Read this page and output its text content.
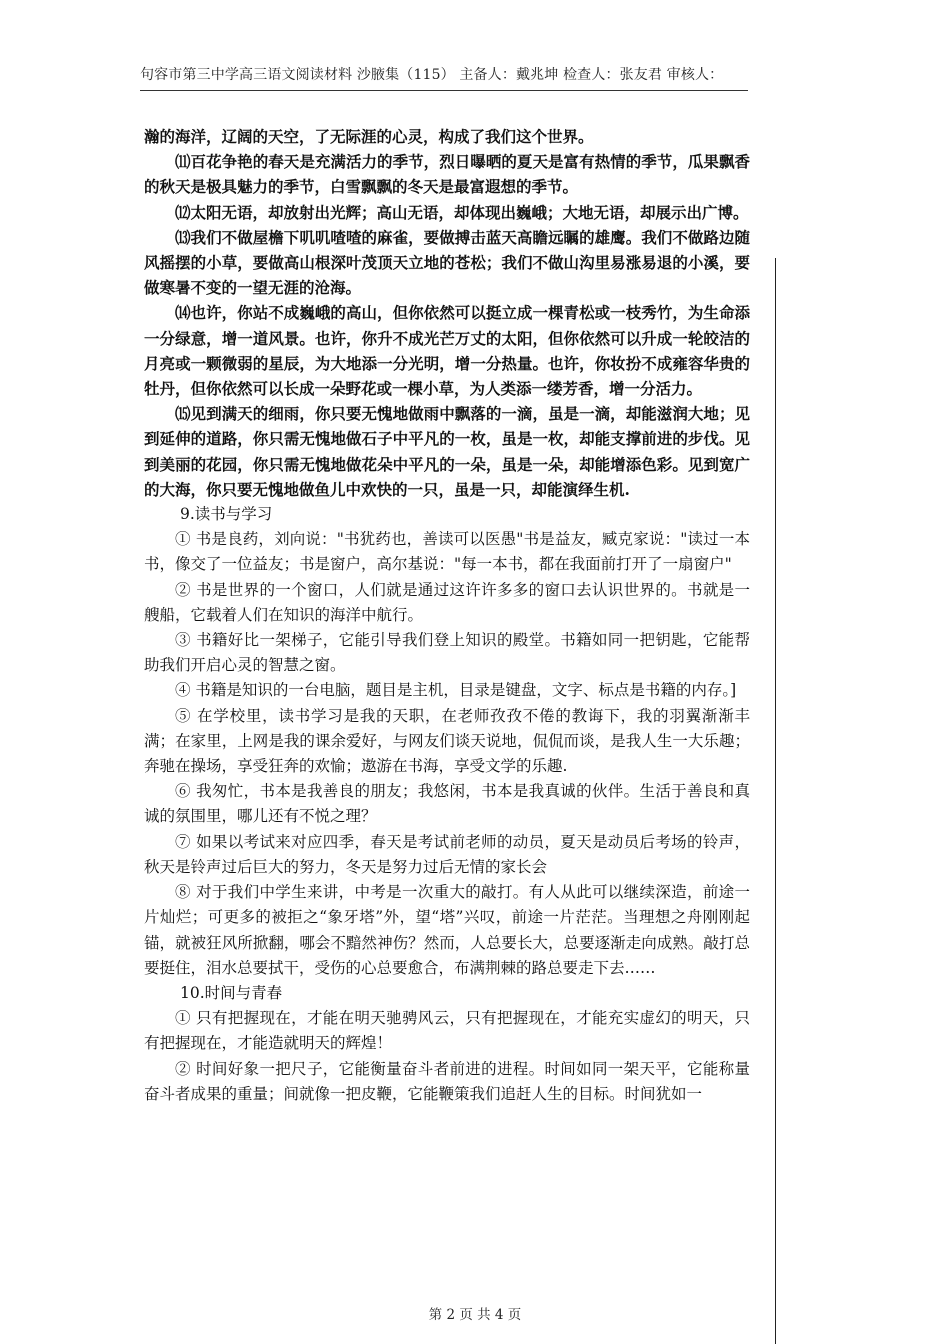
句容市第三中学高三语文阅读材料 沙腋集（115） 主备人：戴兆坤 检查人：张友君 审核人：

瀚的海洋，辽阔的天空，了无际涯的心灵，构成了我们这个世界。

⑾百花争艳的春天是充满活力的季节，烈日曝晒的夏天是富有热情的季节，瓜果飘香的秋天是极具魅力的季节，白雪飘飘的冬天是最富遐想的季节。

⑿太阳无语，却放射出光辉；高山无语，却体现出巍峨；大地无语，却展示出广博。

⒀我们不做屋檐下叽叽喳喳的麻雀，要做搏击蓝天高瞻远瞩的雄鹰。我们不做路边随风摇摆的小草，要做高山根深叶茂顶天立地的苍松；我们不做山沟里易涨易退的小溪，要做寒暑不变的一望无涯的沧海。

⒁也许，你站不成巍峨的高山，但你依然可以挺立成一棵青松或一枝秀竹，为生命添一分绿意，增一道风景。也许，你升不成光芒万丈的太阳，但你依然可以升成一轮皎洁的月亮或一颗微弱的星辰，为大地添一分光明，增一分热量。也许，你妆扮不成雍容华贵的牡丹，但你依然可以长成一朵野花或一棵小草，为人类添一缕芳香，增一分活力。

⒂见到满天的细雨，你只要无愧地做雨中飘落的一滴，虽是一滴，却能滋润大地；见到延伸的道路，你只需无愧地做石子中平凡的一枚，虽是一枚，却能支撑前进的步伐。见到美丽的花园，你只需无愧地做花朵中平凡的一朵，虽是一朵，却能增添色彩。见到宽广的大海，你只要无愧地做鱼儿中欢快的一只，虽是一只，却能演绎生机.

9.读书与学习

① 书是良药，刘向说："书犹药也，善读可以医愚"书是益友，臧克家说："读过一本书，像交了一位益友；书是窗户，高尔基说："每一本书，都在我面前打开了一扇窗户"

② 书是世界的一个窗口，人们就是通过这许许多多的窗口去认识世界的。书就是一艘船，它载着人们在知识的海洋中航行。

③ 书籍好比一架梯子，它能引导我们登上知识的殿堂。书籍如同一把钥匙，它能帮助我们开启心灵的智慧之窗。

④ 书籍是知识的一台电脑，题目是主机，目录是键盘，文字、标点是书籍的内存。]

⑤ 在学校里，读书学习是我的天职，在老师孜孜不倦的教诲下，我的羽翼渐渐丰满；在家里，上网是我的课余爱好，与网友们谈天说地，侃侃而谈，是我人生一大乐趣；奔驰在操场，享受狂奔的欢愉；遨游在书海，享受文学的乐趣.

⑥ 我匆忙，书本是我善良的朋友；我悠闲，书本是我真诚的伙伴。生活于善良和真诚的氛围里，哪儿还有不悦之理？

⑦ 如果以考试来对应四季，春天是考试前老师的动员，夏天是动员后考场的铃声，秋天是铃声过后巨大的努力，冬天是努力过后无情的家长会

⑧ 对于我们中学生来讲，中考是一次重大的敲打。有人从此可以继续深造，前途一片灿烂；可更多的被拒之“象牙塔”外，望“塔”兴叹，前途一片茫茫。当理想之舟刚刚起锚，就被狂风所掀翻，哪会不黯然神伤？然而，人总要长大，总要逐渐走向成熟。敲打总要挺住，泪水总要拭干，受伤的心总要愈合，布满荆棘的路总要走下去……

10.时间与青春

① 只有把握现在，才能在明天驰骋风云，只有把握现在，才能充实虚幻的明天，只有把握现在，才能造就明天的辉煌！

② 时间好象一把尺子，它能衡量奋斗者前进的进程。时间如同一架天平，它能称量奋斗者成果的重量；间就像一把皮鞭，它能鞭策我们追赶人生的目标。时间犹如一

第 2 页 共 4 页
